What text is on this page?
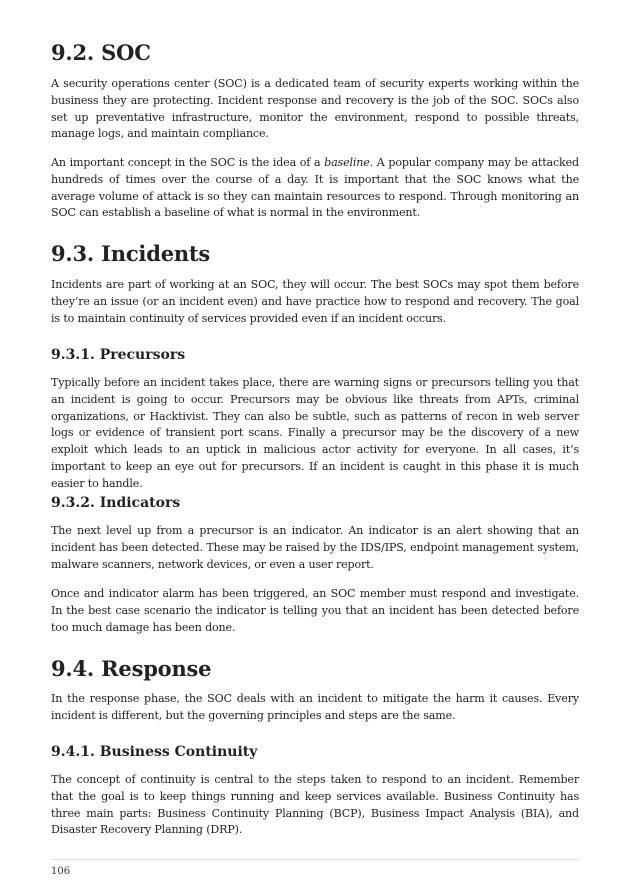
9.2. SOC

A security operations center (SOC) is a dedicated team of security experts working within the business they are protecting. Incident response and recovery is the job of the SOC. SOCs also set up preventative infrastructure, monitor the environment, respond to possible threats, manage logs, and maintain compliance.

An important concept in the SOC is the idea of a baseline. A popular company may be attacked hundreds of times over the course of a day. It is important that the SOC knows what the average volume of attack is so they can maintain resources to respond. Through monitoring an SOC can establish a baseline of what is normal in the environment.

9.3. Incidents

Incidents are part of working at an SOC, they will occur. The best SOCs may spot them before they’re an issue (or an incident even) and have practice how to respond and recovery. The goal is to maintain continuity of services provided even if an incident occurs.

9.3.1. Precursors

Typically before an incident takes place, there are warning signs or precursors telling you that an incident is going to occur. Precursors may be obvious like threats from APTs, criminal organizations, or Hacktivist. They can also be subtle, such as patterns of recon in web server logs or evidence of transient port scans. Finally a precursor may be the discovery of a new exploit which leads to an uptick in malicious actor activity for everyone. In all cases, it’s important to keep an eye out for precursors. If an incident is caught in this phase it is much easier to handle.

9.3.2. Indicators

The next level up from a precursor is an indicator. An indicator is an alert showing that an incident has been detected. These may be raised by the IDS/IPS, endpoint management system, malware scanners, network devices, or even a user report.

Once and indicator alarm has been triggered, an SOC member must respond and investigate. In the best case scenario the indicator is telling you that an incident has been detected before too much damage has been done.

9.4. Response

In the response phase, the SOC deals with an incident to mitigate the harm it causes. Every incident is different, but the governing principles and steps are the same.

9.4.1. Business Continuity

The concept of continuity is central to the steps taken to respond to an incident. Remember that the goal is to keep things running and keep services available. Business Continuity has three main parts: Business Continuity Planning (BCP), Business Impact Analysis (BIA), and Disaster Recovery Planning (DRP).

106
